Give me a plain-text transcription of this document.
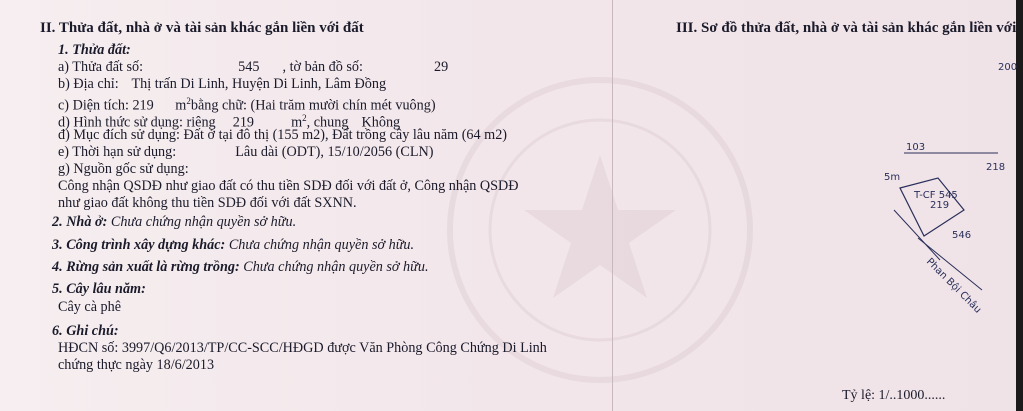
II. Thửa đất, nhà ở và tài sản khác gắn liền với đất
1. Thửa đất:
a) Thửa đất số:	545 , tờ bản đồ số:	29
b) Địa chỉ: Thị trấn Di Linh, Huyện Di Linh, Lâm Đồng
c) Diện tích: 219 $m^2bằng$ chữ: (Hai trăm mười chín mét vuông)
d) Hình thức sử dụng: riêng 219	$m^2$, chung Không
đ) Mục đích sử dụng: Đất ở tại đô thị (155 m2), Đất trồng cây lâu năm (64 m2)
e) Thời hạn sử dụng:	Lâu dài (ODT), 15/10/2056 (CLN)
g) Nguồn gốc sử dụng:
Công nhận QSDĐ như giao đất có thu tiền SDĐ đối với đất ở, Công nhận QSDĐ
như giao đất không thu tiền SDĐ đối với đất SXNN.
2. Nhà ở: Chưa chứng nhận quyền sở hữu.
3. Công trình xây dựng khác: Chưa chứng nhận quyền sở hữu.
4. Rừng sản xuất là rừng trồng: Chưa chứng nhận quyền sở hữu.
5. Cây lâu năm:
Cây cà phê
6. Ghi chú:
HĐCN số: 3997/Q6/2013/TP/CC-SCC/HĐGD được Văn Phòng Công Chứng Di Linh
chứng thực ngày 18/6/2013
III. Sơ đồ thửa đất, nhà ở và tài sản khác gắn liền với
200
103
218
5m
T-CF 545
219
546
Phan Bội Châu
Tỷ lệ: 1/..1000......
